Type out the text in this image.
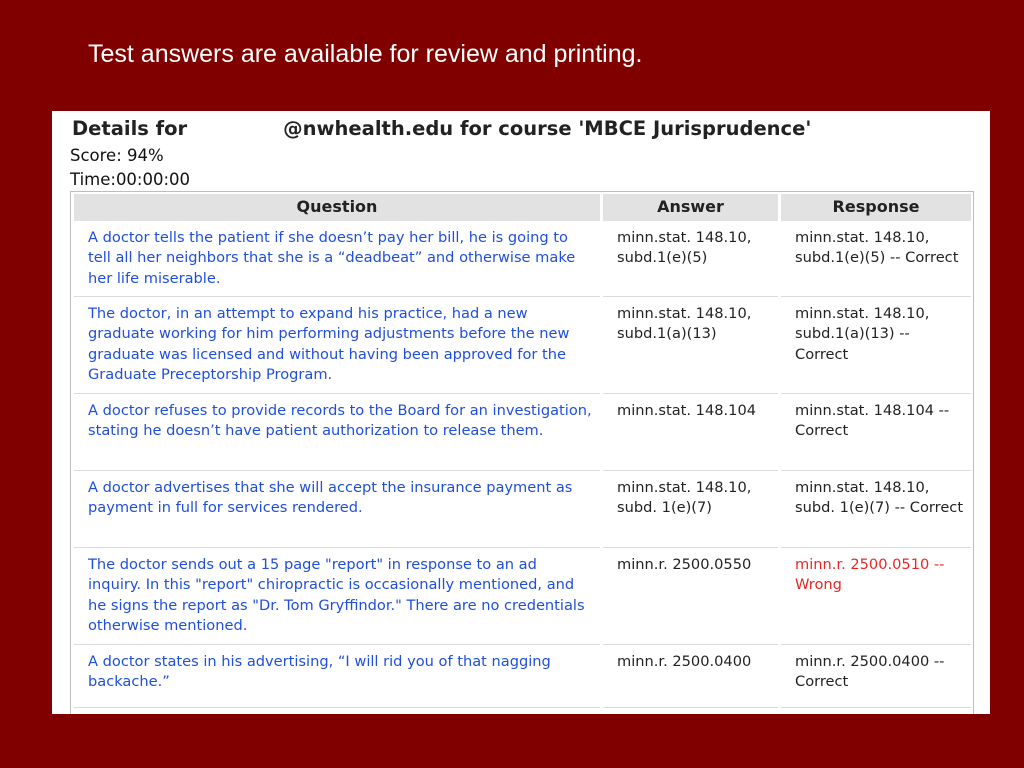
Test answers are available for review and printing.
Details for	@nwhealth.edu for course 'MBCE Jurisprudence'
Score: 94%
Time:00:00:00
Question	Answer	Response
A doctor tells the patient if she doesn’t pay her bill, he is going to tell all her neighbors that she is a “deadbeat” and otherwise make her life miserable.	minn.stat. 148.10, subd.1(e)(5)	minn.stat. 148.10, subd.1(e)(5) -- Correct
The doctor, in an attempt to expand his practice, had a new graduate working for him performing adjustments before the new graduate was licensed and without having been approved for the Graduate Preceptorship Program.	minn.stat. 148.10, subd.1(a)(13)	minn.stat. 148.10, subd.1(a)(13) -- Correct
A doctor refuses to provide records to the Board for an investigation, stating he doesn’t have patient authorization to release them.	minn.stat. 148.104	minn.stat. 148.104 -- Correct
A doctor advertises that she will accept the insurance payment as payment in full for services rendered.	minn.stat. 148.10, subd. 1(e)(7)	minn.stat. 148.10, subd. 1(e)(7) -- Correct
The doctor sends out a 15 page "report" in response to an ad inquiry. In this "report" chiropractic is occasionally mentioned, and he signs the report as "Dr. Tom Gryffindor." There are no credentials otherwise mentioned.	minn.r. 2500.0550	minn.r. 2500.0510 -- Wrong
A doctor states in his advertising, “I will rid you of that nagging backache.”	minn.r. 2500.0400	minn.r. 2500.0400 -- Correct
